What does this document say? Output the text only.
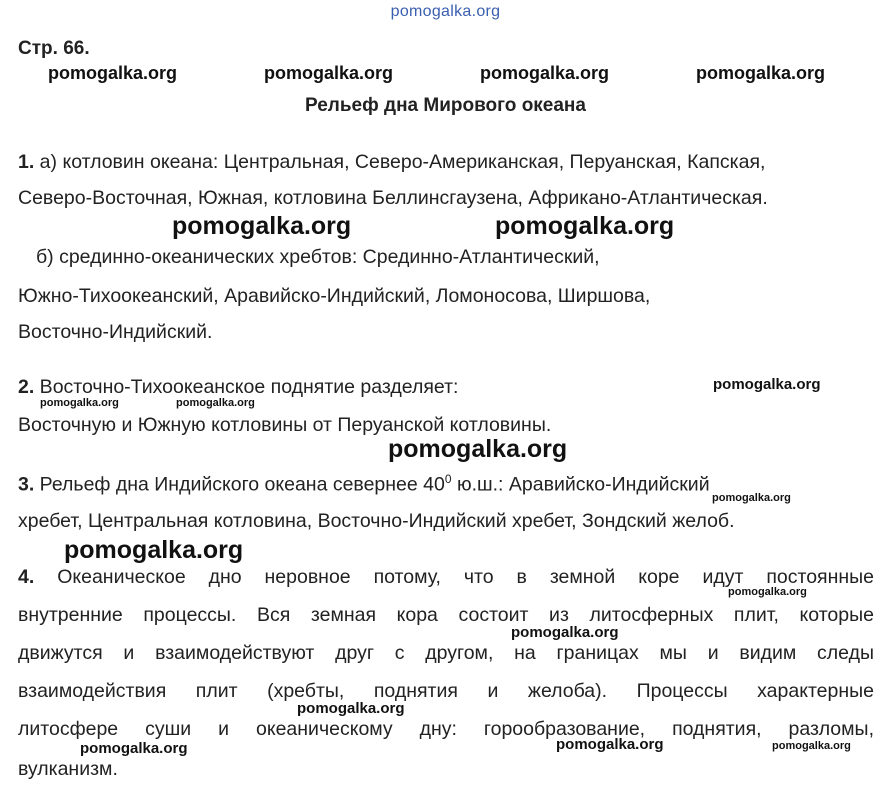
pomogalka.org
Стр. 66.
pomogalka.org	pomogalka.org	pomogalka.org	pomogalka.org
Рельеф дна Мирового океана
1. а) котловин океана: Центральная, Северо-Американская, Перуанская, Капская,
Северо-Восточная, Южная, котловина Беллинсгаузена, Африкано-Атлантическая.
pomogalka.org	pomogalka.org
б) срединно-океанических хребтов: Срединно-Атлантический,
Южно-Тихоокеанский, Аравийско-Индийский, Ломоносова, Ширшова,
Восточно-Индийский.
2. Восточно-Тихоокеанское поднятие разделяет:	pomogalka.org
pomogalka.org	pomogalka.org
Восточную и Южную котловины от Перуанской котловины.
pomogalka.org
3. Рельеф дна Индийского океана севернее $40^0$ ю.ш.: Аравийско-Индийский
pomogalka.org
хребет, Центральная котловина, Восточно-Индийский хребет, Зондский желоб.
pomogalka.org
4. Океаническое дно неровное потому, что в земной коре идут постоянные
pomogalka.org
внутренние процессы. Вся земная кора состоит из литосферных плит, которые
pomogalka.org
движутся и взаимодействуют друг с другом, на границах мы и видим следы
взаимодействия плит (хребты, поднятия и желоба). Процессы характерные
pomogalka.org
литосфере суши и океаническому дну: горообразование, поднятия, разломы,
pomogalka.org	pomogalka.org	pomogalka.org
вулканизм.
